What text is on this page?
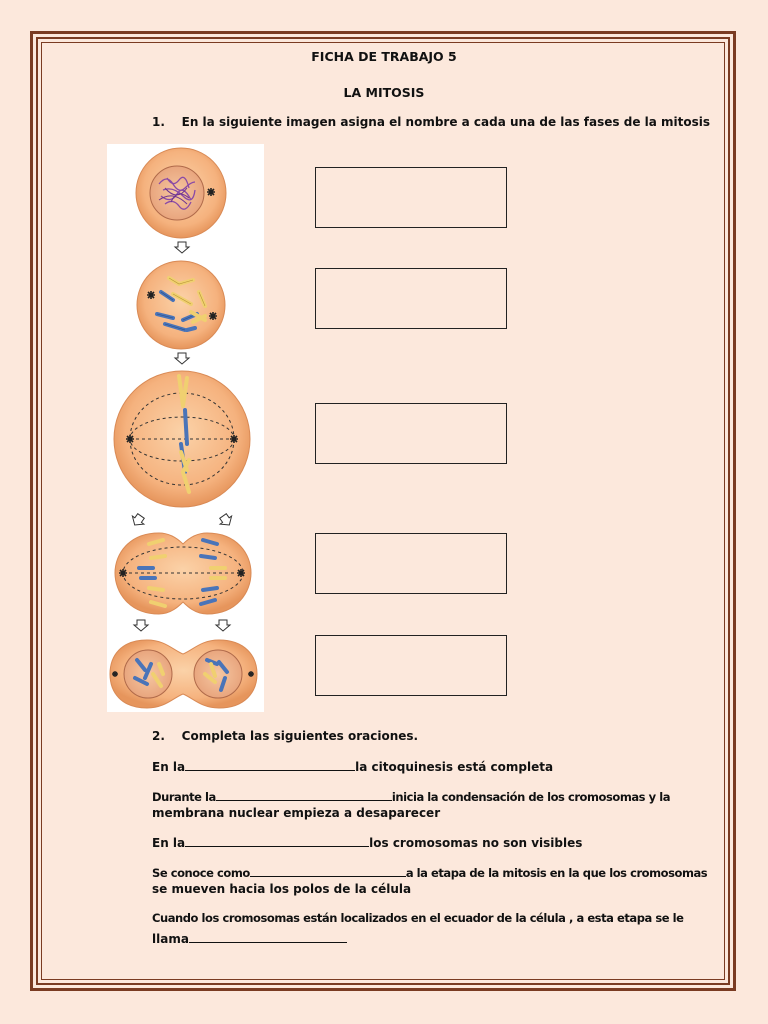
FICHA DE TRABAJO 5
LA MITOSIS
1. En la siguiente imagen asigna el nombre a cada una de las fases de la mitosis
2. Completa las siguientes oraciones.
En la	la citoquinesis está completa
Durante la	inicia la condensación de los cromosomas y la
membrana nuclear empieza a desaparecer
En la	los cromosomas no son visibles
Se conoce como	a la etapa de la mitosis en la que los cromosomas
se mueven hacia los polos de la célula
Cuando los cromosomas están localizados en el ecuador de la célula , a esta etapa se le
llama
